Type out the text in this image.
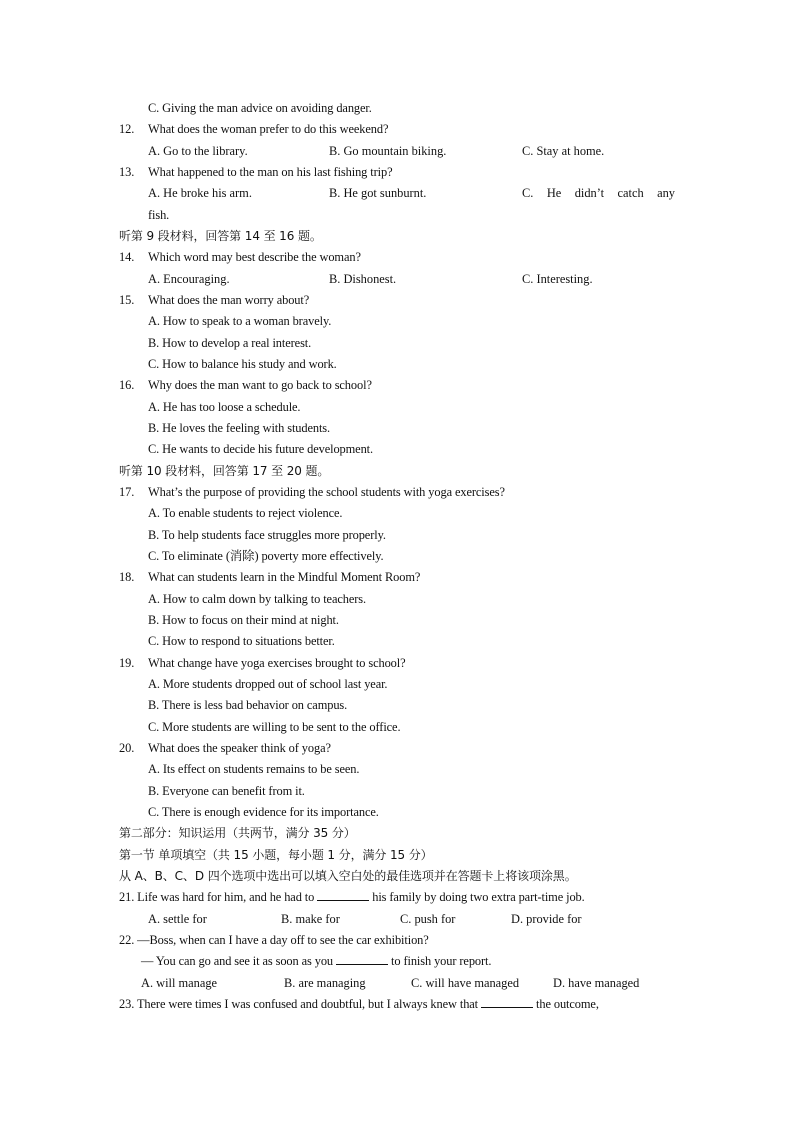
C. Giving the man advice on avoiding danger.
12. What does the woman prefer to do this weekend?
A. Go to the library.	B. Go mountain biking.	C. Stay at home.
13. What happened to the man on his last fishing trip?
A. He broke his arm.	B. He got sunburnt.	C. He didn’t catch any
fish.
听第 9 段材料，回答第 14 至 16 题。
14. Which word may best describe the woman?
A. Encouraging.	B. Dishonest.	C. Interesting.
15. What does the man worry about?
A. How to speak to a woman bravely.
B. How to develop a real interest.
C. How to balance his study and work.
16. Why does the man want to go back to school?
A. He has too loose a schedule.
B. He loves the feeling with students.
C. He wants to decide his future development.
听第 10 段材料，回答第 17 至 20 题。
17. What’s the purpose of providing the school students with yoga exercises?
A. To enable students to reject violence.
B. To help students face struggles more properly.
C. To eliminate (消除) poverty more effectively.
18. What can students learn in the Mindful Moment Room?
A. How to calm down by talking to teachers.
B. How to focus on their mind at night.
C. How to respond to situations better.
19. What change have yoga exercises brought to school?
A. More students dropped out of school last year.
B. There is less bad behavior on campus.
C. More students are willing to be sent to the office.
20. What does the speaker think of yoga?
A. Its effect on students remains to be seen.
B. Everyone can benefit from it.
C. There is enough evidence for its importance.
第二部分：知识运用（共两节，满分 35 分）
第一节 单项填空（共 15 小题，每小题 1 分，满分 15 分）
从 A、B、C、D 四个选项中选出可以填入空白处的最佳选项并在答题卡上将该项涂黑。
21. Life was hard for him, and he had to	his family by doing two extra part-time job.
A. settle for	B. make for	C. push for	D. provide for
22. —Boss, when can I have a day off to see the car exhibition?
— You can go and see it as soon as you	to finish your report.
A. will manage	B. are managing	C. will have managed	D. have managed
23. There were times I was confused and doubtful, but I always knew that	the outcome,
